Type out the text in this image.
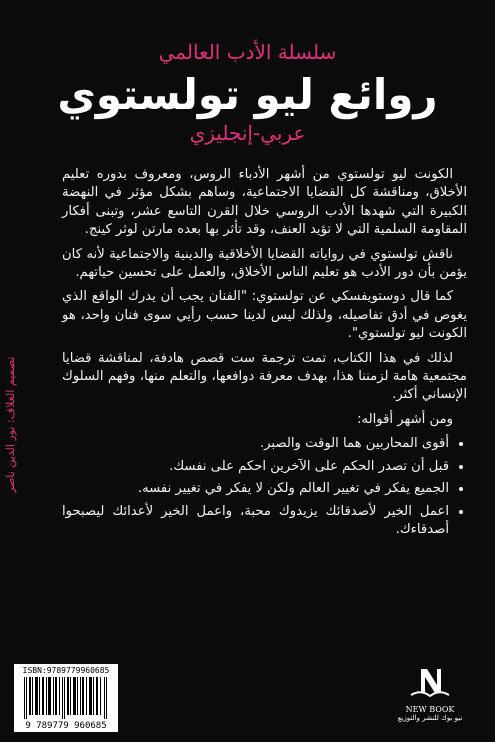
سلسلة الأدب العالمي
روائع ليو تولستوي
عربي-إنجليزي

الكونت ليو تولستوي من أشهر الأدباء الروس، ومعروف بدوره تعليم الأخلاق، ومناقشة كل القضايا الاجتماعية، وساهم بشكل مؤثر في النهضة الكبيرة التي شهدها الأدب الروسي خلال القرن التاسع عشر، وتبنى أفكار المقاومة السلمية التي لا تؤيد العنف، وقد تأثر بها بعده مارتن لوثر كينج.

ناقش تولستوي في رواياته القضايا الأخلاقية والدينية والاجتماعية لأنه كان يؤمن بأن دور الأدب هو تعليم الناس الأخلاق، والعمل على تحسين حياتهم.

كما قال دوستويفسكي عن تولستوي: "الفنان يجب أن يدرك الواقع الذي يغوص في أدق تفاصيله، ولذلك ليس لدينا حسب رأيي سوى فنان واحد، هو الكونت ليو تولستوي".

لذلك في هذا الكتاب، تمت ترجمة ست قصص هادفة، لمناقشة قضايا مجتمعية هامة لزمننا هذا، بهدف معرفة دوافعها، والتعلم منها، وفهم السلوك الإنساني أكثر.

ومن أشهر أقواله:

• أقوى المحاربين هما الوقت والصبر.
• قبل أن تصدر الحكم على الآخرين احكم على نفسك.
• الجميع يفكر في تغيير العالم ولكن لا يفكر في تغيير نفسه.
• اعمل الخير لأصدقائك يزيدوك محبة، واعمل الخير لأعدائك ليصبحوا أصدقاءك.
تصميم الغلاف: نور الدين ناصر
ISBN:9789779960685
9 789779 960685
NEW BOOK
نيو بوك للنشر والتوزيع
